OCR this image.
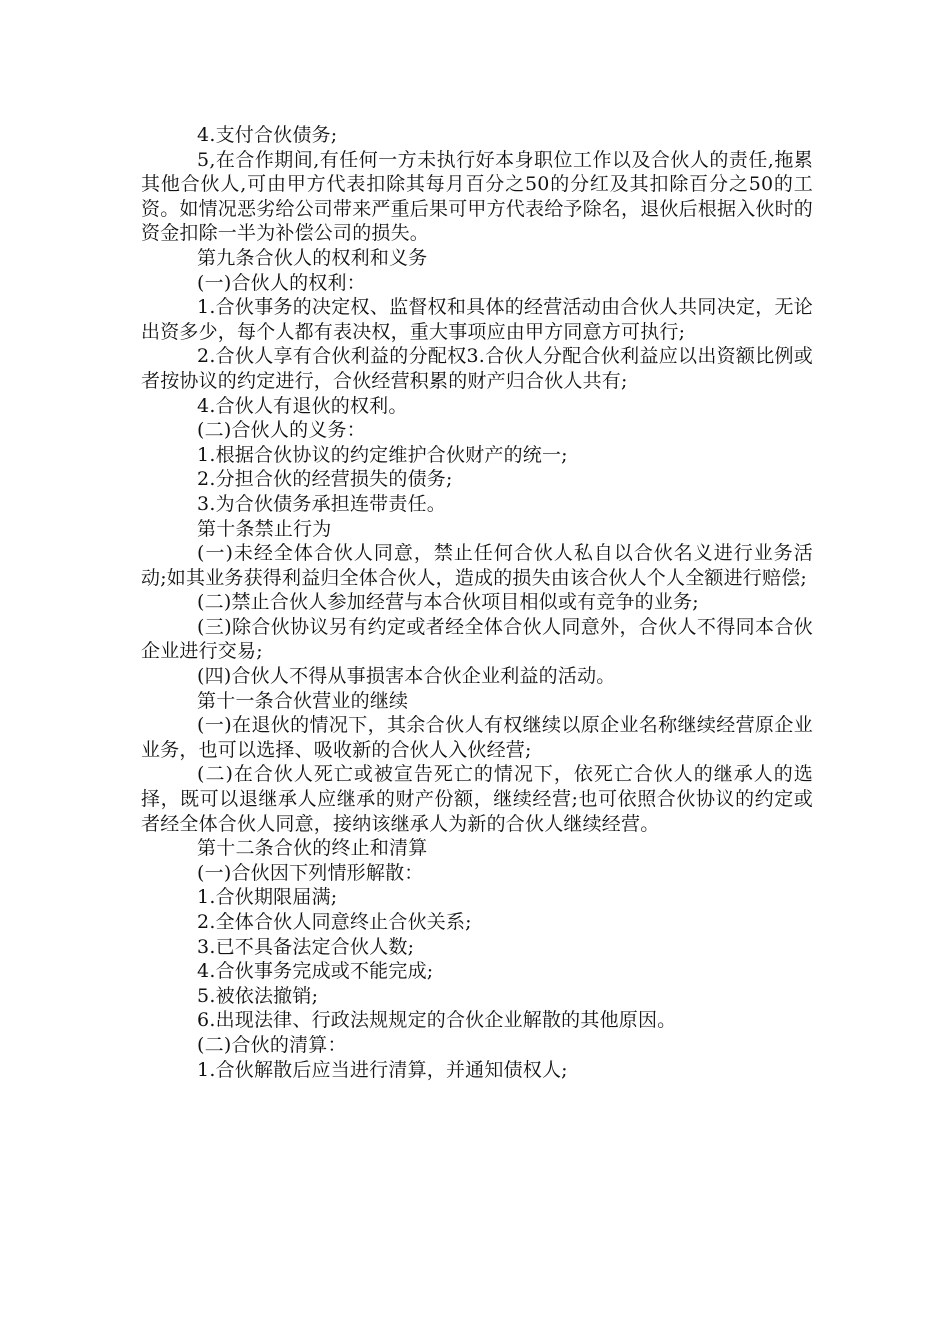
4.支付合伙债务;

5,在合作期间,有任何一方未执行好本身职位工作以及合伙人的责任,拖累其他合伙人,可由甲方代表扣除其每月百分之50的分红及其扣除百分之50的工资。如情况恶劣给公司带来严重后果可甲方代表给予除名，退伙后根据入伙时的资金扣除一半为补偿公司的损失。

第九条合伙人的权利和义务

(一)合伙人的权利：

1.合伙事务的决定权、监督权和具体的经营活动由合伙人共同决定，无论出资多少，每个人都有表决权，重大事项应由甲方同意方可执行;

2.合伙人享有合伙利益的分配权3.合伙人分配合伙利益应以出资额比例或者按协议的约定进行，合伙经营积累的财产归合伙人共有;

4.合伙人有退伙的权利。

(二)合伙人的义务：

1.根据合伙协议的约定维护合伙财产的统一;

2.分担合伙的经营损失的债务;

3.为合伙债务承担连带责任。

第十条禁止行为

(一)未经全体合伙人同意，禁止任何合伙人私自以合伙名义进行业务活动;如其业务获得利益归全体合伙人，造成的损失由该合伙人个人全额进行赔偿;

(二)禁止合伙人参加经营与本合伙项目相似或有竞争的业务;

(三)除合伙协议另有约定或者经全体合伙人同意外，合伙人不得同本合伙企业进行交易;

(四)合伙人不得从事损害本合伙企业利益的活动。

第十一条合伙营业的继续

(一)在退伙的情况下，其余合伙人有权继续以原企业名称继续经营原企业业务，也可以选择、吸收新的合伙人入伙经营;

(二)在合伙人死亡或被宣告死亡的情况下，依死亡合伙人的继承人的选择，既可以退继承人应继承的财产份额，继续经营;也可依照合伙协议的约定或者经全体合伙人同意，接纳该继承人为新的合伙人继续经营。

第十二条合伙的终止和清算

(一)合伙因下列情形解散：

1.合伙期限届满;

2.全体合伙人同意终止合伙关系;

3.已不具备法定合伙人数;

4.合伙事务完成或不能完成;

5.被依法撤销;

6.出现法律、行政法规规定的合伙企业解散的其他原因。

(二)合伙的清算：

1.合伙解散后应当进行清算，并通知债权人;
